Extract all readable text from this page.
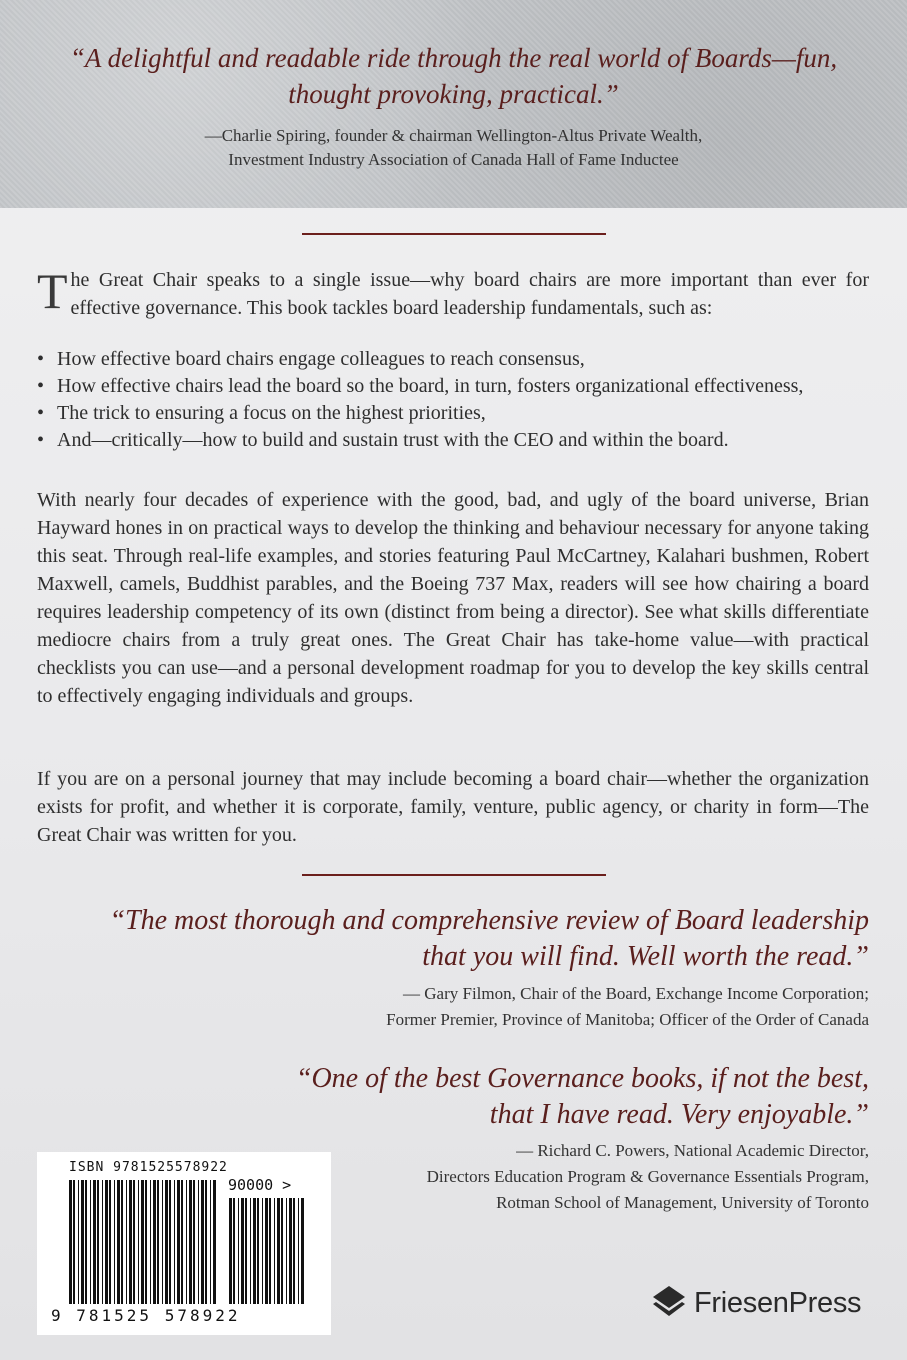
“A delightful and readable ride through the real world of Boards—fun,
thought provoking, practical.”
—Charlie Spiring, founder & chairman Wellington-Altus Private Wealth,
Investment Industry Association of Canada Hall of Fame Inductee
The Great Chair speaks to a single issue—why board chairs are more important than ever for effective governance. This book tackles board leadership fundamentals, such as:
• How effective board chairs engage colleagues to reach consensus,
• How effective chairs lead the board so the board, in turn, fosters organizational effectiveness,
• The trick to ensuring a focus on the highest priorities,
• And—critically—how to build and sustain trust with the CEO and within the board.
With nearly four decades of experience with the good, bad, and ugly of the board universe, Brian Hayward hones in on practical ways to develop the thinking and behaviour necessary for anyone taking this seat. Through real-life examples, and stories featuring Paul McCartney, Kalahari bushmen, Robert Maxwell, camels, Buddhist parables, and the Boeing 737 Max, readers will see how chairing a board requires leadership competency of its own (distinct from being a director). See what skills differentiate mediocre chairs from a truly great ones. The Great Chair has take-home value—with practical checklists you can use—and a personal development roadmap for you to develop the key skills central to effectively engaging individuals and groups.
If you are on a personal journey that may include becoming a board chair—whether the organization exists for profit, and whether it is corporate, family, venture, public agency, or charity in form—The Great Chair was written for you.
“The most thorough and comprehensive review of Board leadership
that you will find. Well worth the read.”
— Gary Filmon, Chair of the Board, Exchange Income Corporation;
Former Premier, Province of Manitoba; Officer of the Order of Canada
“One of the best Governance books, if not the best,
that I have read. Very enjoyable.”
— Richard C. Powers, National Academic Director,
Directors Education Program & Governance Essentials Program,
Rotman School of Management, University of Toronto
ISBN 9781525578922
90000 >
9 781525 578922	FriesenPress
